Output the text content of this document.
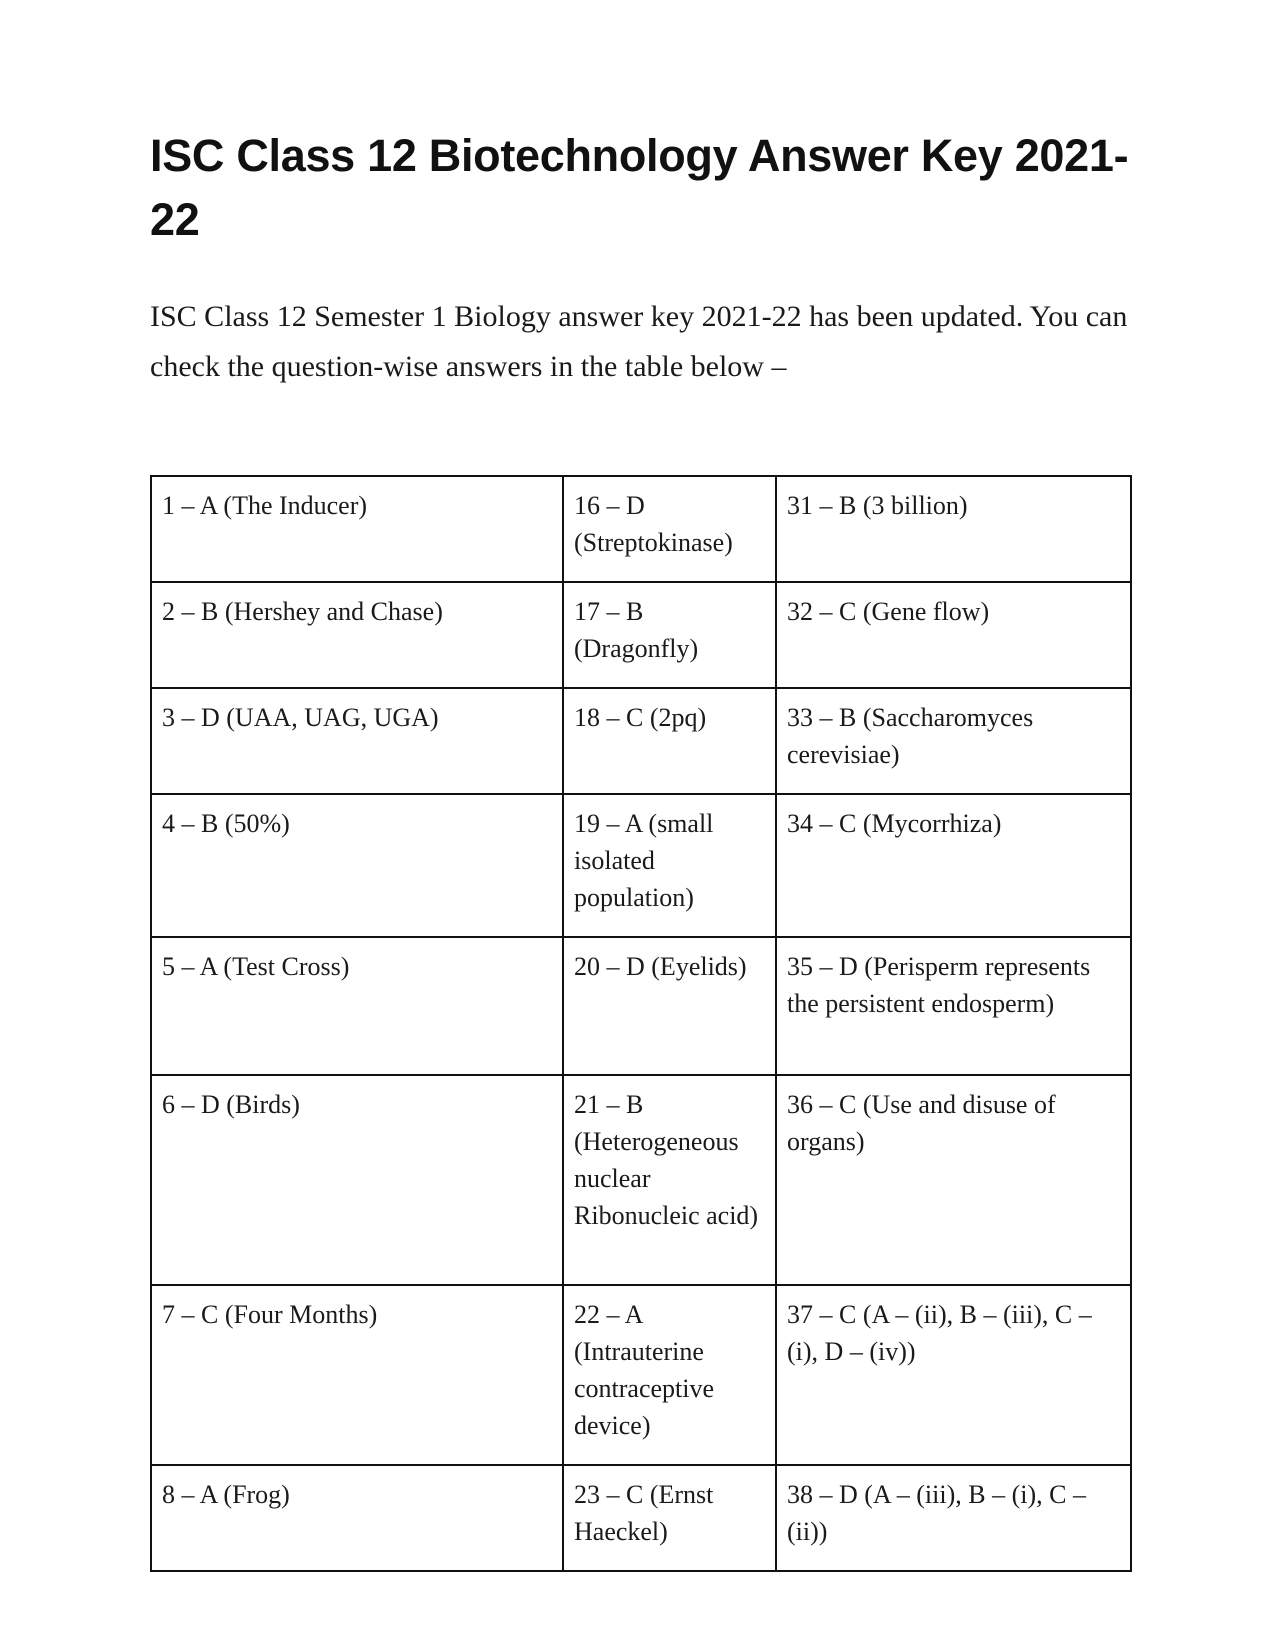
ISC Class 12 Biotechnology Answer Key 2021-22

ISC Class 12 Semester 1 Biology answer key 2021-22 has been updated. You can check the question-wise answers in the table below –

1 – A (The Inducer)	16 – D (Streptokinase)	31 – B (3 billion)
2 – B (Hershey and Chase)	17 – B (Dragonfly)	32 – C (Gene flow)
3 – D (UAA, UAG, UGA)	18 – C (2pq)	33 – B (Saccharomyces cerevisiae)
4 – B (50%)	19 – A (small isolated population)	34 – C (Mycorrhiza)
5 – A (Test Cross)	20 – D (Eyelids)	35 – D (Perisperm represents the persistent endosperm)
6 – D (Birds)	21 – B (Heterogeneous nuclear Ribonucleic acid)	36 – C (Use and disuse of organs)
7 – C (Four Months)	22 – A (Intrauterine contraceptive device)	37 – C (A – (ii), B – (iii), C – (i), D – (iv))
8 – A (Frog)	23 – C (Ernst Haeckel)	38 – D (A – (iii), B – (i), C – (ii))
